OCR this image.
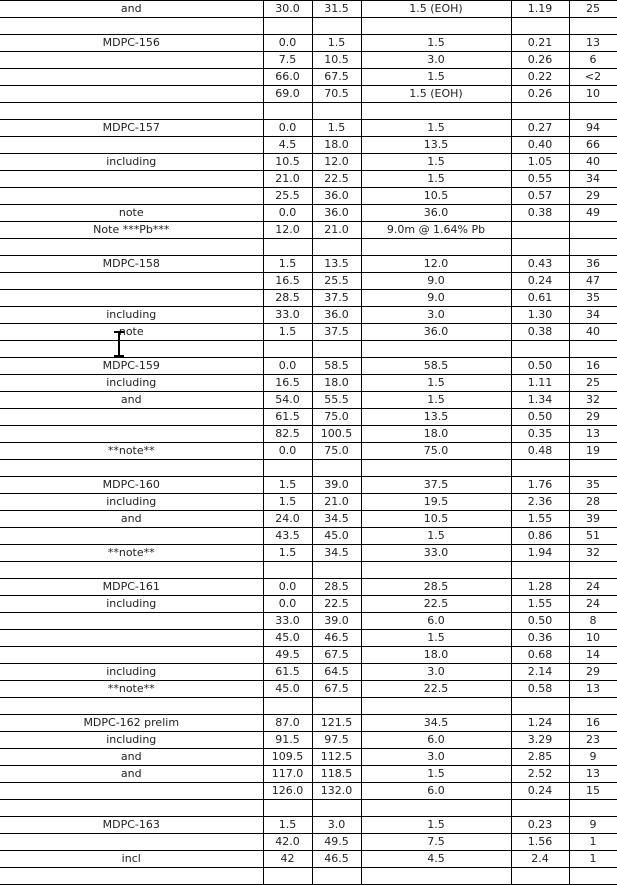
and	30.0	31.5	1.5 (EOH)	1.19	25

MDPC-156	0.0	1.5	1.5	0.21	13
	7.5	10.5	3.0	0.26	6
	66.0	67.5	1.5	0.22	<2
	69.0	70.5	1.5 (EOH)	0.26	10

MDPC-157	0.0	1.5	1.5	0.27	94
	4.5	18.0	13.5	0.40	66
including	10.5	12.0	1.5	1.05	40
	21.0	22.5	1.5	0.55	34
	25.5	36.0	10.5	0.57	29
note	0.0	36.0	36.0	0.38	49
Note ***Pb***	12.0	21.0	9.0m @ 1.64% Pb		

MDPC-158	1.5	13.5	12.0	0.43	36
	16.5	25.5	9.0	0.24	47
	28.5	37.5	9.0	0.61	35
including	33.0	36.0	3.0	1.30	34
note	1.5	37.5	36.0	0.38	40

MDPC-159	0.0	58.5	58.5	0.50	16
including	16.5	18.0	1.5	1.11	25
and	54.0	55.5	1.5	1.34	32
	61.5	75.0	13.5	0.50	29
	82.5	100.5	18.0	0.35	13
**note**	0.0	75.0	75.0	0.48	19

MDPC-160	1.5	39.0	37.5	1.76	35
including	1.5	21.0	19.5	2.36	28
and	24.0	34.5	10.5	1.55	39
	43.5	45.0	1.5	0.86	51
**note**	1.5	34.5	33.0	1.94	32

MDPC-161	0.0	28.5	28.5	1.28	24
including	0.0	22.5	22.5	1.55	24
	33.0	39.0	6.0	0.50	8
	45.0	46.5	1.5	0.36	10
	49.5	67.5	18.0	0.68	14
including	61.5	64.5	3.0	2.14	29
**note**	45.0	67.5	22.5	0.58	13

MDPC-162 prelim	87.0	121.5	34.5	1.24	16
including	91.5	97.5	6.0	3.29	23
and	109.5	112.5	3.0	2.85	9
and	117.0	118.5	1.5	2.52	13
	126.0	132.0	6.0	0.24	15

MDPC-163	1.5	3.0	1.5	0.23	9
	42.0	49.5	7.5	1.56	1
incl	42	46.5	4.5	2.4	1
